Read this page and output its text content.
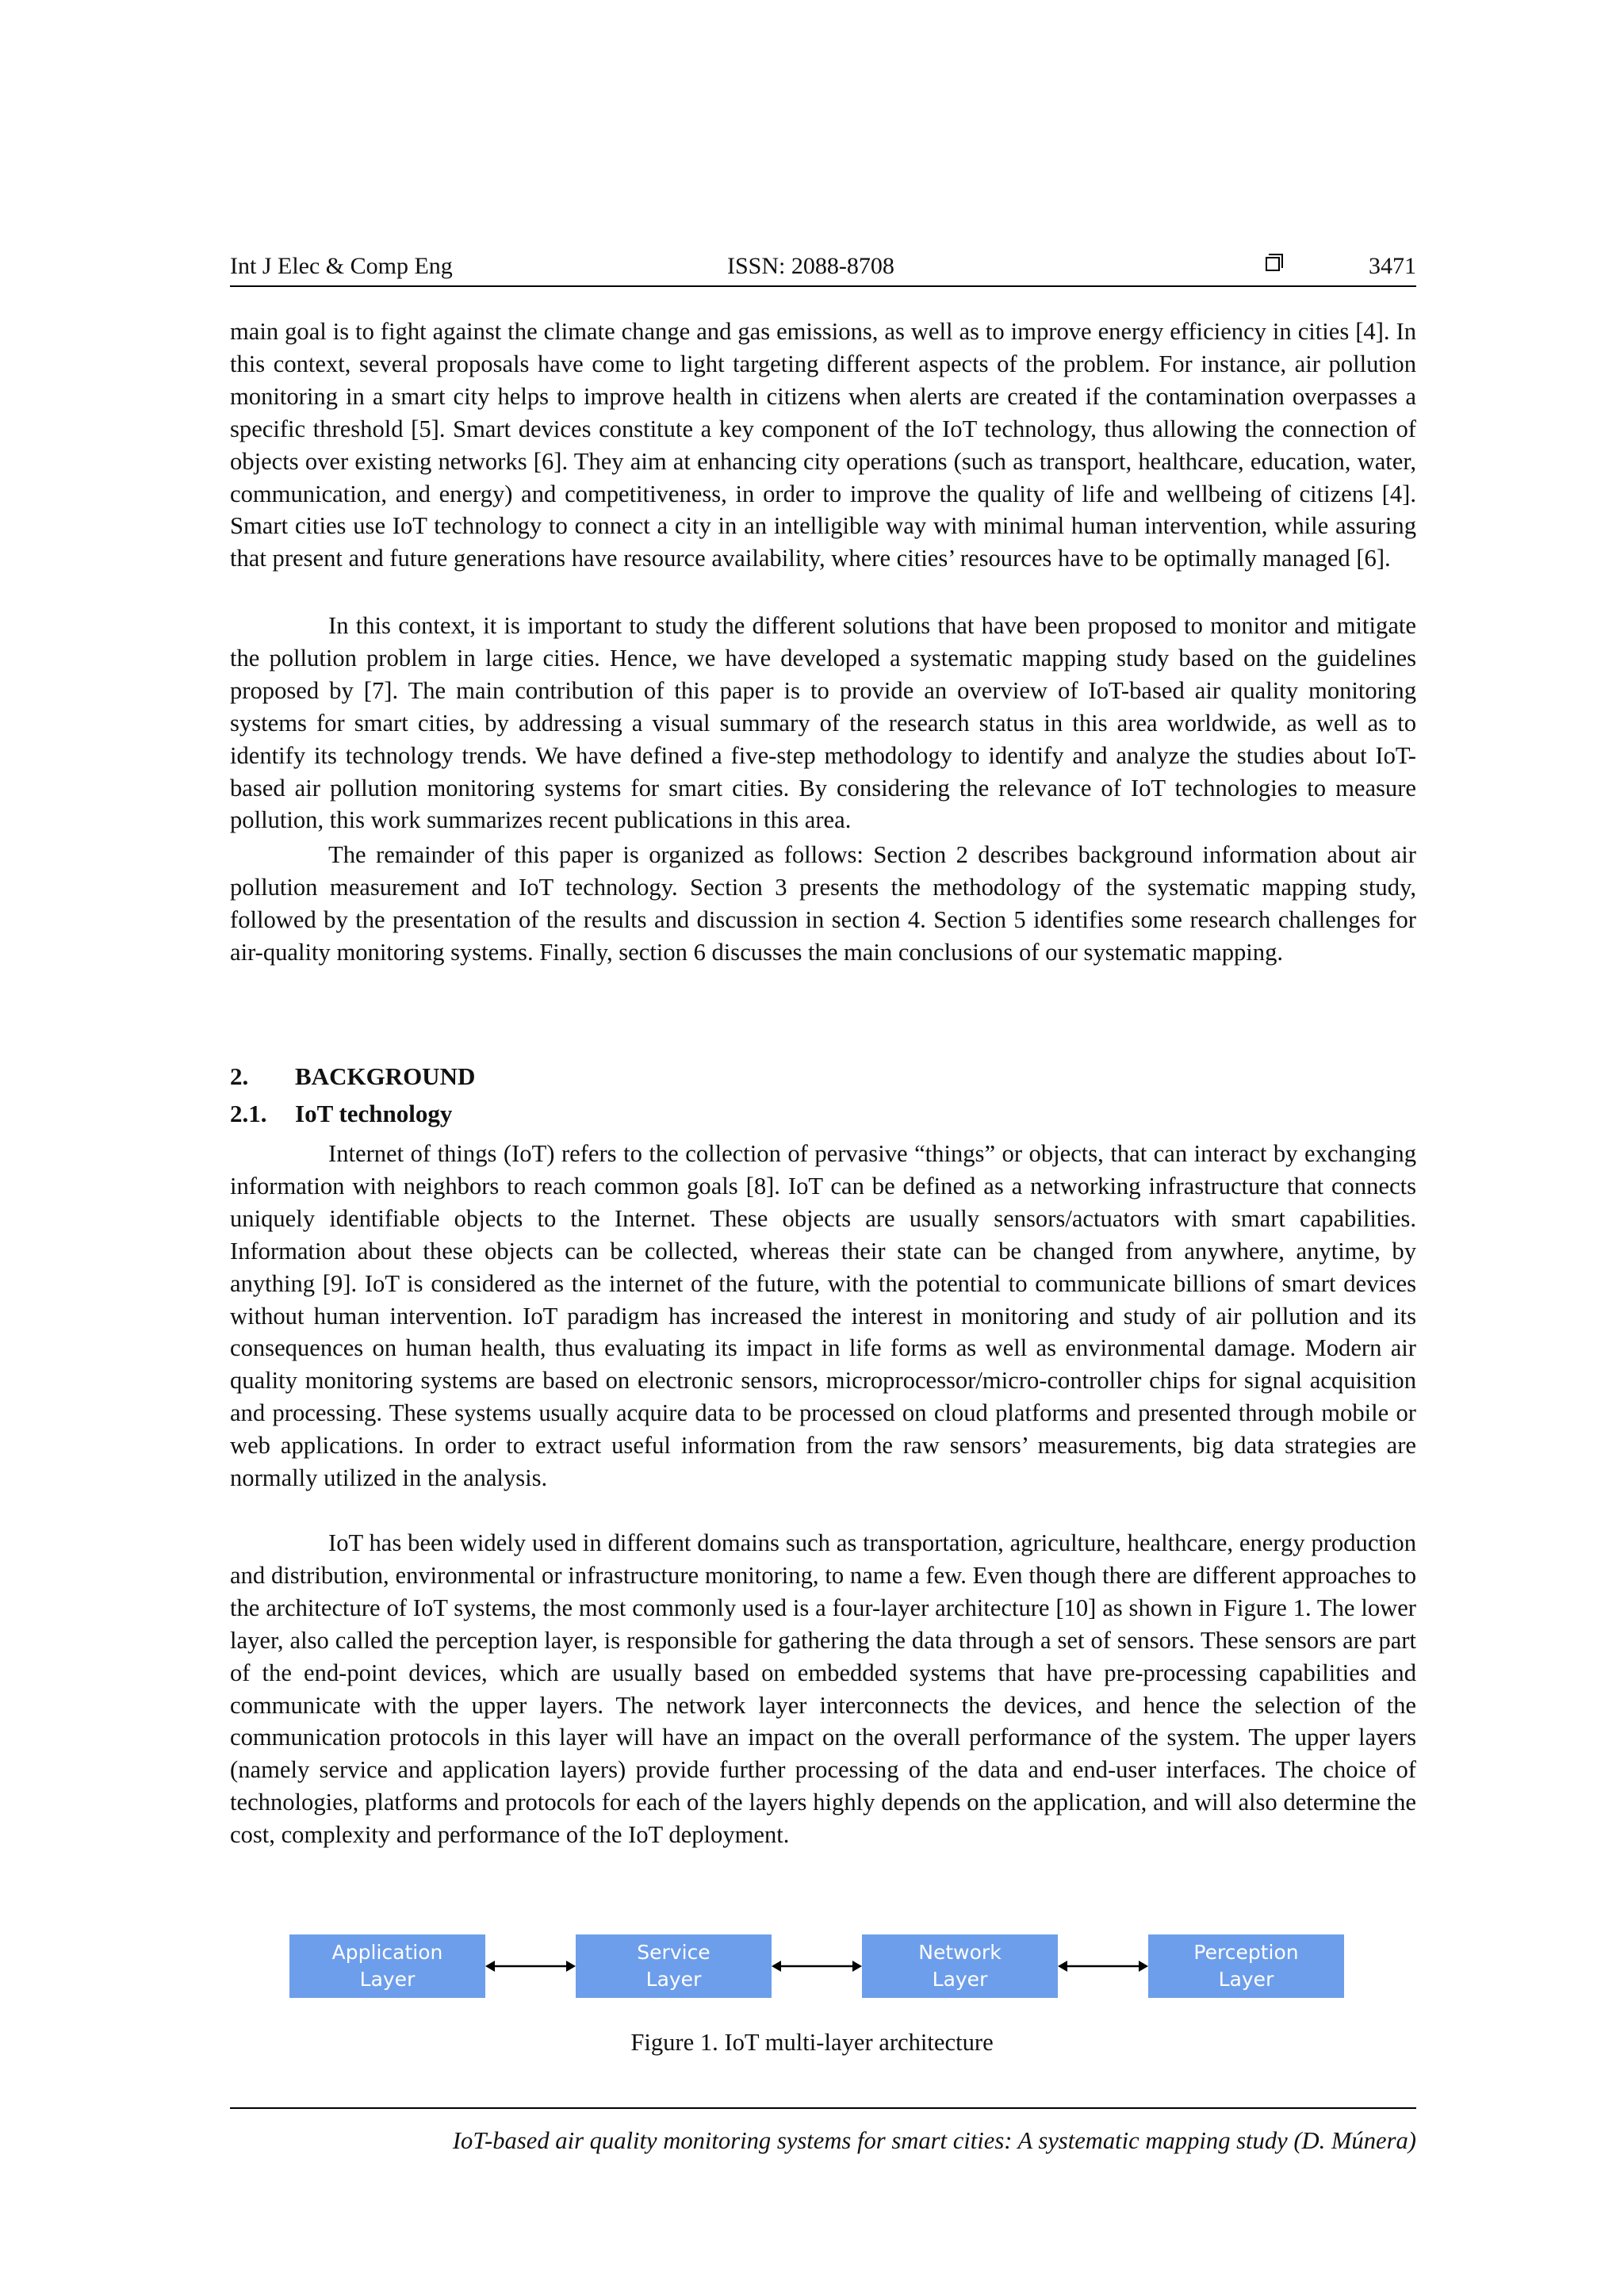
Int J Elec & Comp Eng	ISSN: 2088-8708	3471

main goal is to fight against the climate change and gas emissions, as well as to improve energy efficiency in cities [4]. In this context, several proposals have come to light targeting different aspects of the problem. For instance, air pollution monitoring in a smart city helps to improve health in citizens when alerts are created if the contamination overpasses a specific threshold [5]. Smart devices constitute a key component of the IoT technology, thus allowing the connection of objects over existing networks [6]. They aim at enhancing city operations (such as transport, healthcare, education, water, communication, and energy) and competitiveness, in order to improve the quality of life and wellbeing of citizens [4]. Smart cities use IoT technology to connect a city in an intelligible way with minimal human intervention, while assuring that present and future generations have resource availability, where cities’ resources have to be optimally managed [6].

In this context, it is important to study the different solutions that have been proposed to monitor and mitigate the pollution problem in large cities. Hence, we have developed a systematic mapping study based on the guidelines proposed by [7]. The main contribution of this paper is to provide an overview of IoT-based air quality monitoring systems for smart cities, by addressing a visual summary of the research status in this area worldwide, as well as to identify its technology trends. We have defined a five-step methodology to identify and analyze the studies about IoT-based air pollution monitoring systems for smart cities. By considering the relevance of IoT technologies to measure pollution, this work summarizes recent publications in this area.

The remainder of this paper is organized as follows: Section 2 describes background information about air pollution measurement and IoT technology. Section 3 presents the methodology of the systematic mapping study, followed by the presentation of the results and discussion in section 4. Section 5 identifies some research challenges for air-quality monitoring systems. Finally, section 6 discusses the main conclusions of our systematic mapping.

2. BACKGROUND
2.1. IoT technology

Internet of things (IoT) refers to the collection of pervasive “things” or objects, that can interact by exchanging information with neighbors to reach common goals [8]. IoT can be defined as a networking infrastructure that connects uniquely identifiable objects to the Internet. These objects are usually sensors/actuators with smart capabilities. Information about these objects can be collected, whereas their state can be changed from anywhere, anytime, by anything [9]. IoT is considered as the internet of the future, with the potential to communicate billions of smart devices without human intervention. IoT paradigm has increased the interest in monitoring and study of air pollution and its consequences on human health, thus evaluating its impact in life forms as well as environmental damage. Modern air quality monitoring systems are based on electronic sensors, microprocessor/micro-controller chips for signal acquisition and processing. These systems usually acquire data to be processed on cloud platforms and presented through mobile or web applications. In order to extract useful information from the raw sensors’ measurements, big data strategies are normally utilized in the analysis.

IoT has been widely used in different domains such as transportation, agriculture, healthcare, energy production and distribution, environmental or infrastructure monitoring, to name a few. Even though there are different approaches to the architecture of IoT systems, the most commonly used is a four-layer architecture [10] as shown in Figure 1. The lower layer, also called the perception layer, is responsible for gathering the data through a set of sensors. These sensors are part of the end-point devices, which are usually based on embedded systems that have pre-processing capabilities and communicate with the upper layers. The network layer interconnects the devices, and hence the selection of the communication protocols in this layer will have an impact on the overall performance of the system. The upper layers (namely service and application layers) provide further processing of the data and end-user interfaces. The choice of technologies, platforms and protocols for each of the layers highly depends on the application, and will also determine the cost, complexity and performance of the IoT deployment.

Application
Layer
Service
Layer
Network
Layer
Perception
Layer
Figure 1. IoT multi-layer architecture
IoT-based air quality monitoring systems for smart cities: A systematic mapping study (D. Múnera)
